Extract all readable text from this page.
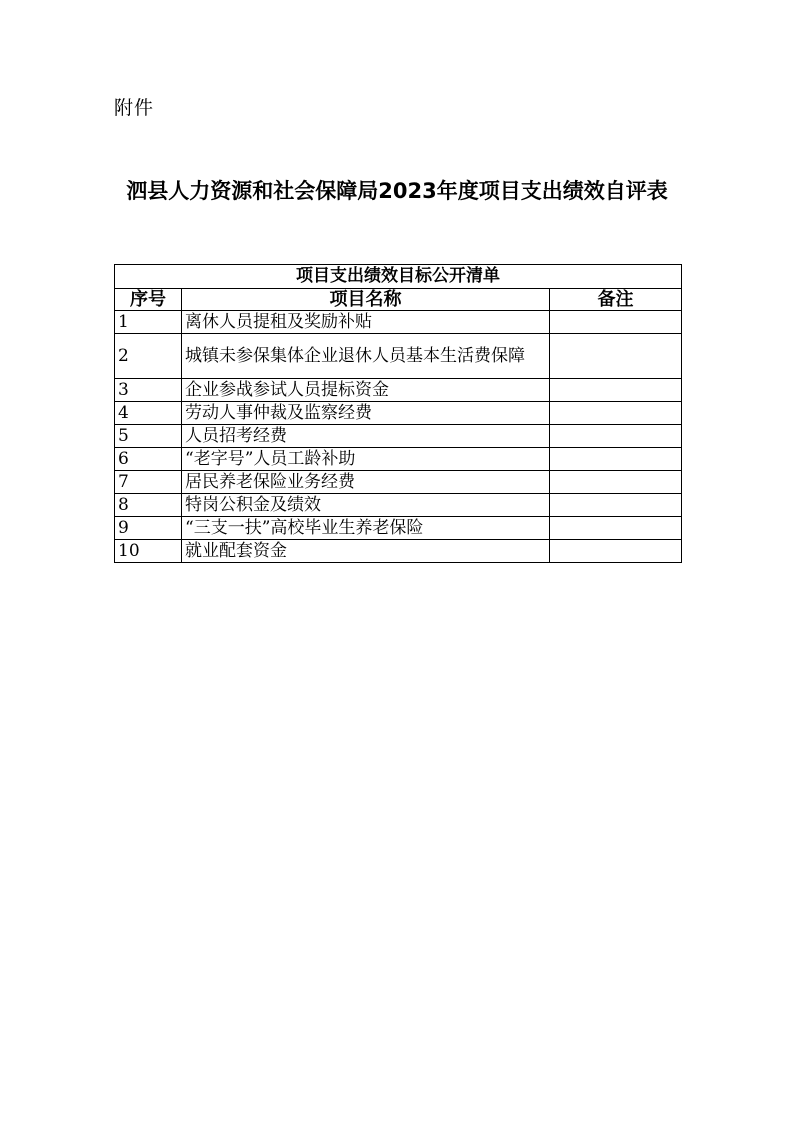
附件
泗县人力资源和社会保障局2023年度项目支出绩效自评表
项目支出绩效目标公开清单		
序号	项目名称	备注
1	离休人员提租及奖励补贴	
2	城镇未参保集体企业退休人员基本生活费保障	
3	企业参战参试人员提标资金	
4	劳动人事仲裁及监察经费	
5	人员招考经费	
6	“老字号”人员工龄补助	
7	居民养老保险业务经费	
8	特岗公积金及绩效	
9	“三支一扶”高校毕业生养老保险	
10	就业配套资金	
